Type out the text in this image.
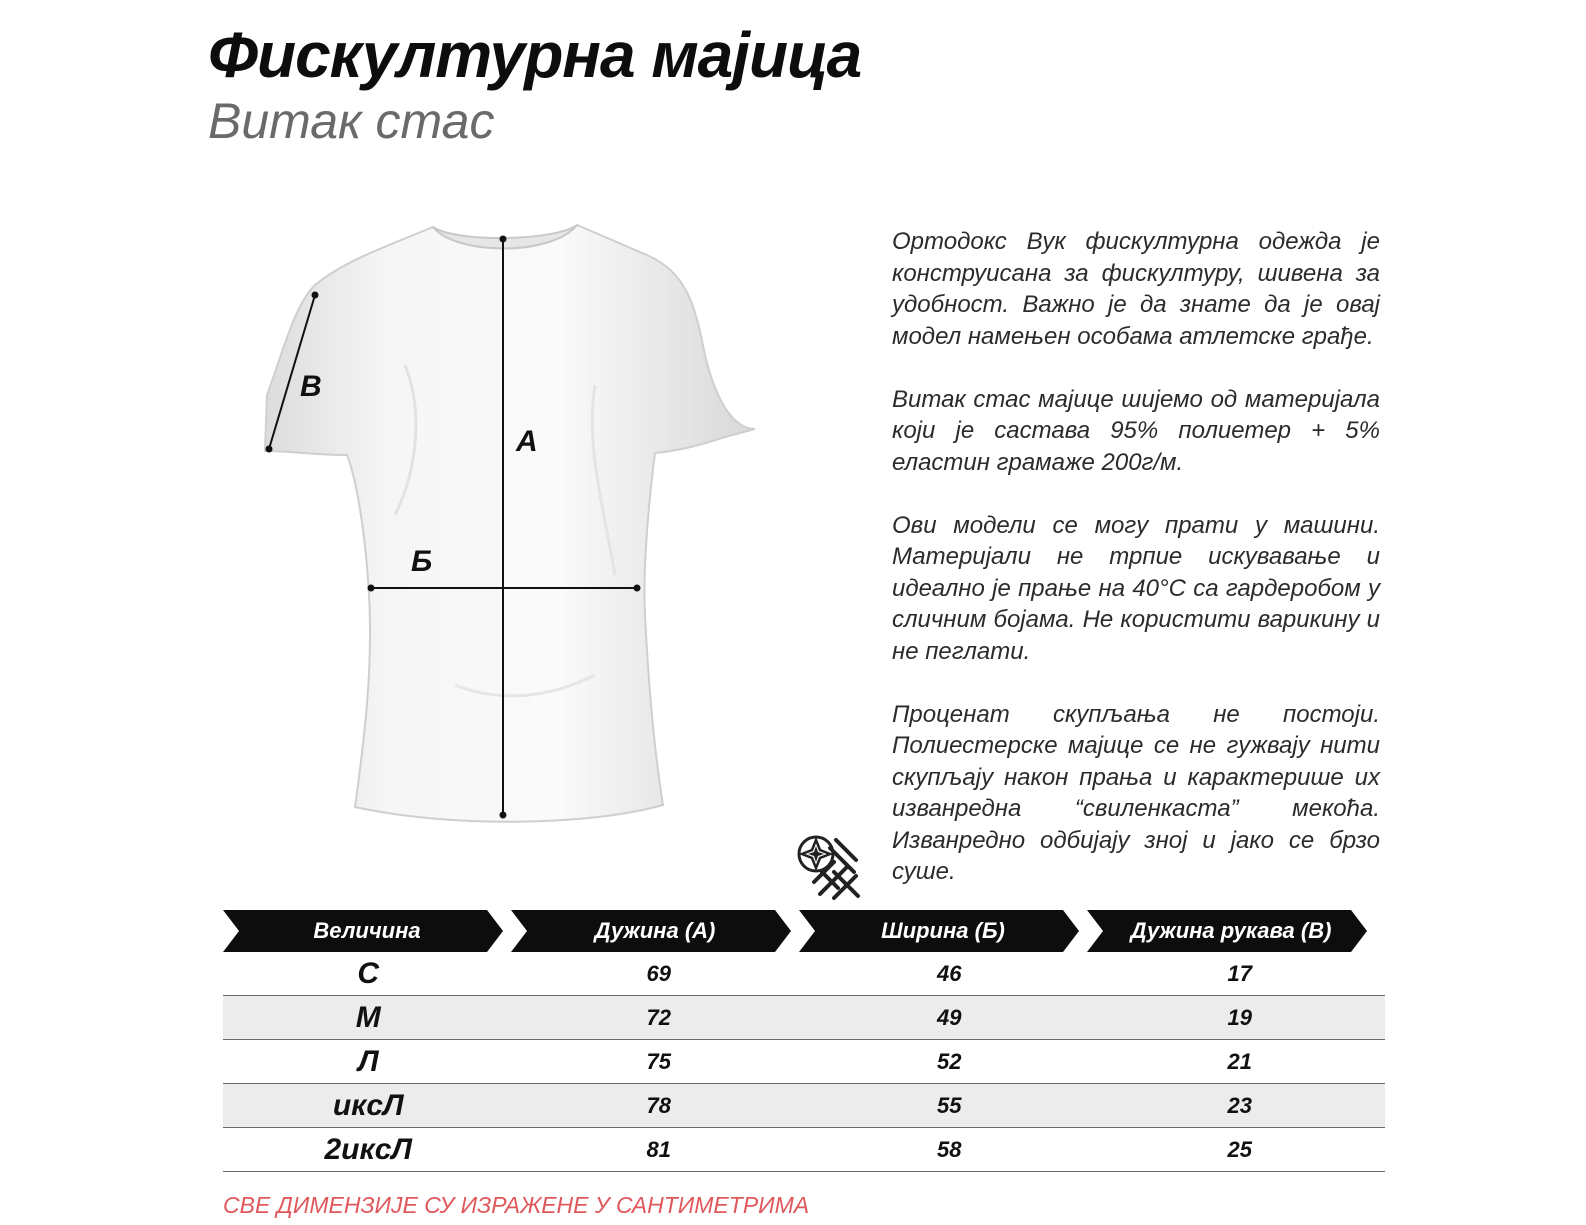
Фискултурна мајица
Витак стас
А
Б
В

Ортодокс Вук фискултурна одежда је конструисана за фискултуру, шивена за удобност. Важно је да знате да је овај модел намењен особама атлетске грађе.

Витак стас мајице шијемо од материјала који је састава 95% полиетер + 5% еластин грамаже 200г/м.

Ови модели се могу прати у машини. Материјали не трпие искувавање и идеално је прање на 40°C са гардеробом у сличним бојама. Не користити варикину и не пеглати.

Проценат скупљања не постоји. Полиестерске мајице се не гужвају нити скупљају након прања и карактерише их изванредна “свиленкаста” мекоћа. Изванредно одбијају зној и јако се брзо суше.

Величина	Дужина (А)	Ширина (Б)	Дужина рукава (В)
С	69	46	17
М	72	49	19
Л	75	52	21
иксЛ	78	55	23
2иксЛ	81	58	25
СВЕ ДИМЕНЗИЈЕ СУ ИЗРАЖЕНЕ У САНТИМЕТРИМА
